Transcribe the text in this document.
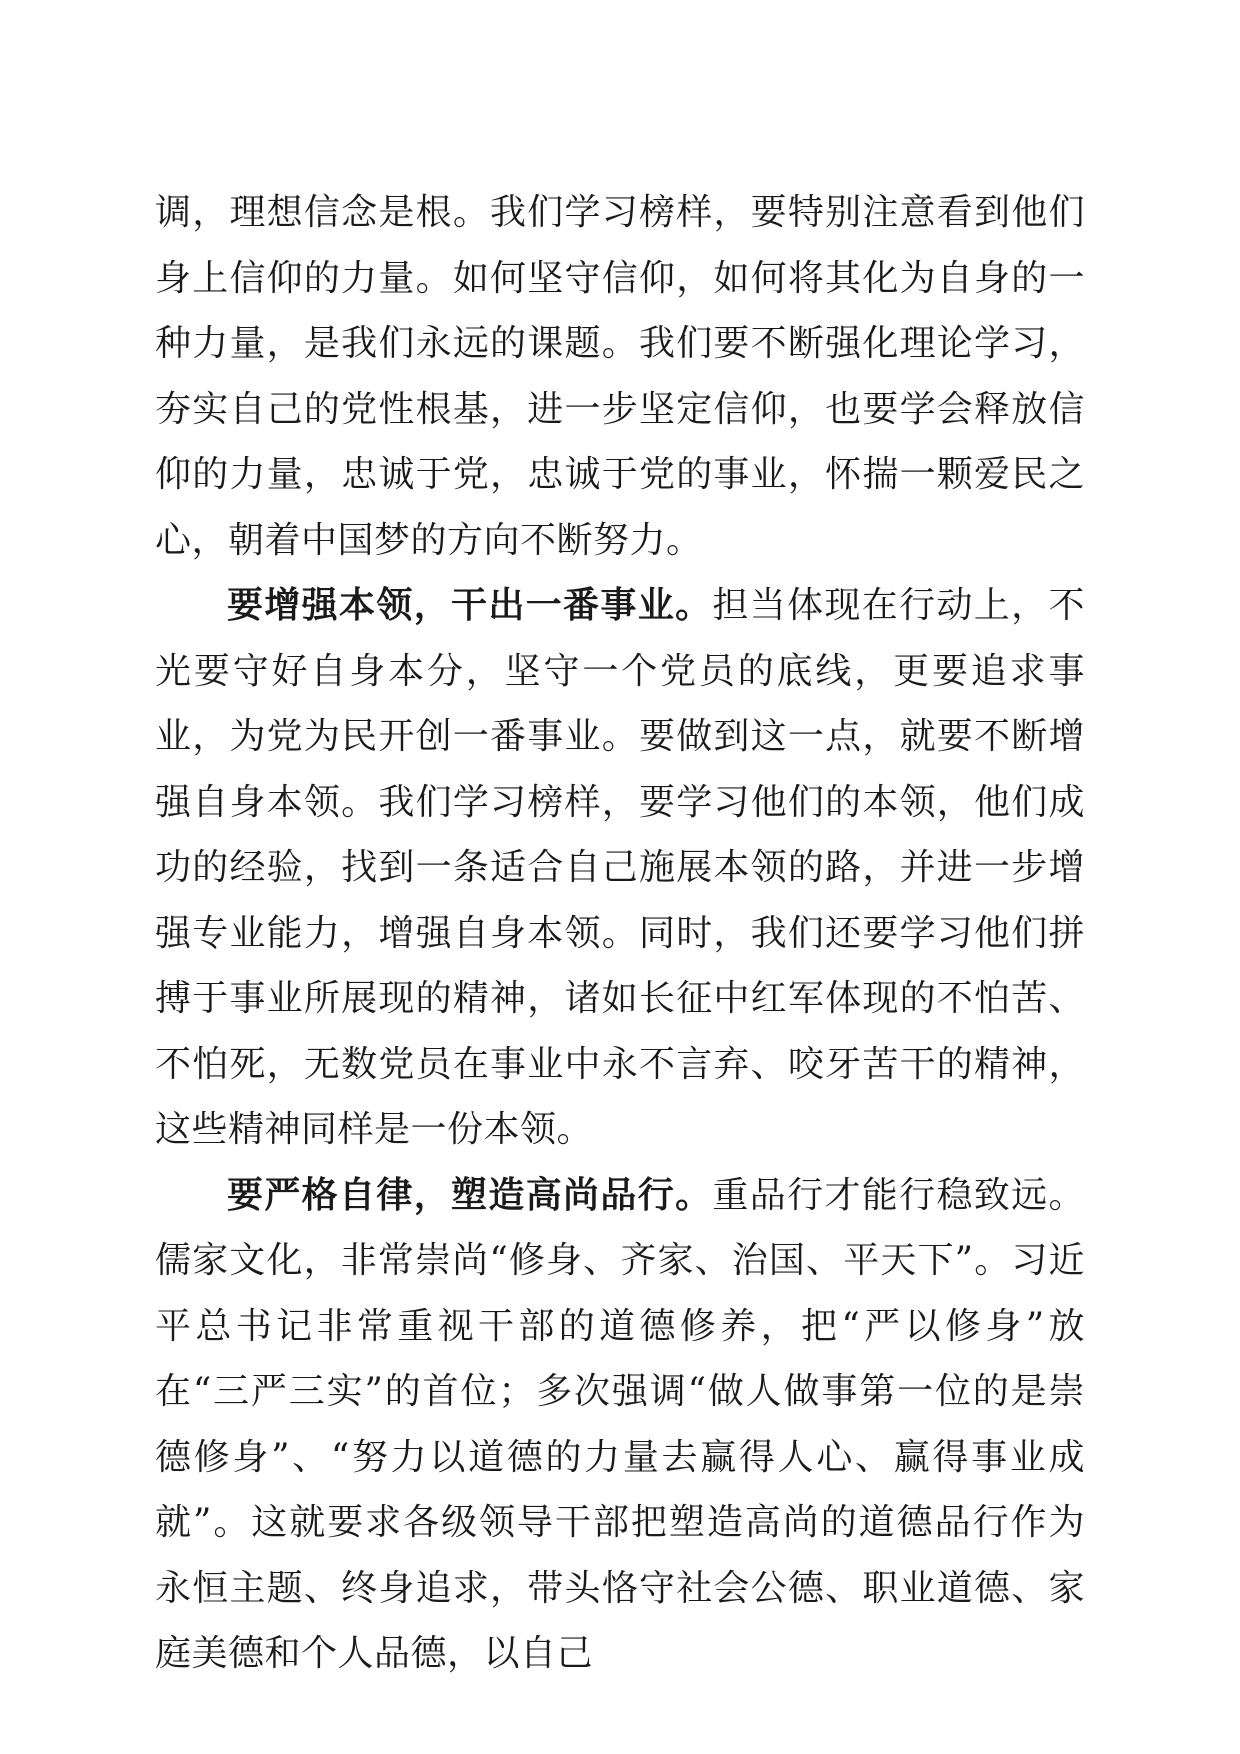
调，理想信念是根。我们学习榜样，要特别注意看到他们身上信仰的力量。如何坚守信仰，如何将其化为自身的一种力量，是我们永远的课题。我们要不断强化理论学习，夯实自己的党性根基，进一步坚定信仰，也要学会释放信仰的力量，忠诚于党，忠诚于党的事业，怀揣一颗爱民之心，朝着中国梦的方向不断努力。

要增强本领，干出一番事业。担当体现在行动上，不光要守好自身本分，坚守一个党员的底线，更要追求事业，为党为民开创一番事业。要做到这一点，就要不断增强自身本领。我们学习榜样，要学习他们的本领，他们成功的经验，找到一条适合自己施展本领的路，并进一步增强专业能力，增强自身本领。同时，我们还要学习他们拼搏于事业所展现的精神，诸如长征中红军体现的不怕苦、不怕死，无数党员在事业中永不言弃、咬牙苦干的精神，这些精神同样是一份本领。

要严格自律，塑造高尚品行。重品行才能行稳致远。儒家文化，非常崇尚“修身、齐家、治国、平天下”。习近平总书记非常重视干部的道德修养，把“严以修身”放在“三严三实”的首位；多次强调“做人做事第一位的是崇德修身”、“努力以道德的力量去赢得人心、赢得事业成就”。这就要求各级领导干部把塑造高尚的道德品行作为永恒主题、终身追求，带头恪守社会公德、职业道德、家庭美德和个人品德，以自己
